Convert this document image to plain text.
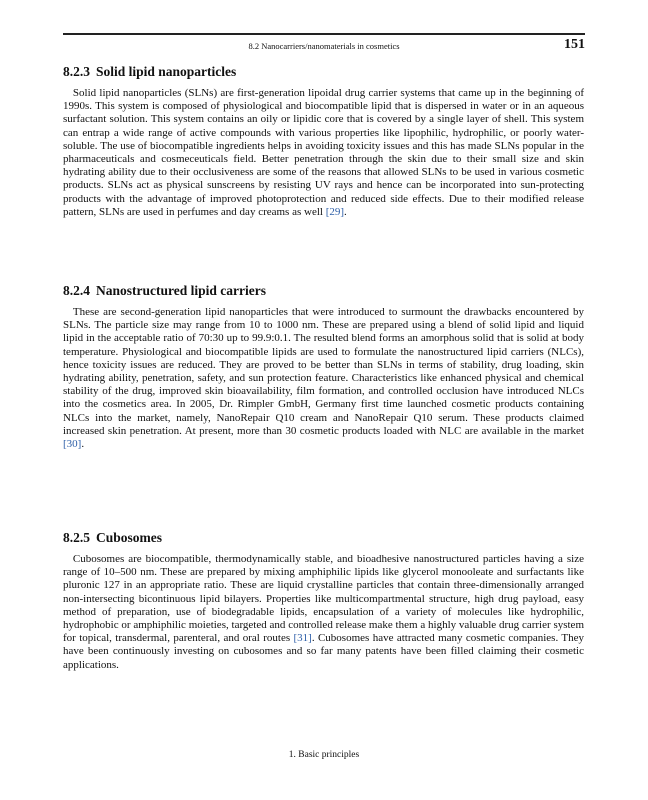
8.2 Nanocarriers/nanomaterials in cosmetics	151
8.2.3 Solid lipid nanoparticles

Solid lipid nanoparticles (SLNs) are first-generation lipoidal drug carrier systems that came up in the beginning of 1990s. This system is composed of physiological and biocompatible lipid that is dispersed in water or in an aqueous surfactant solution. This system contains an oily or lipidic core that is covered by a single layer of shell. This system can entrap a wide range of active compounds with various properties like lipophilic, hydrophilic, or poorly water-soluble. The use of biocompatible ingredients helps in avoiding toxicity issues and this has made SLNs popular in the pharmaceuticals and cosmeceuticals field. Better penetration through the skin due to their small size and skin hydrating ability due to their occlusiveness are some of the reasons that allowed SLNs to be used in various cosmetic products. SLNs act as physical sunscreens by resisting UV rays and hence can be incorporated into sun-protecting products with the advantage of improved photoprotection and reduced side effects. Due to their modified release pattern, SLNs are used in perfumes and day creams as well [29].

8.2.4 Nanostructured lipid carriers

These are second-generation lipid nanoparticles that were introduced to surmount the drawbacks encountered by SLNs. The particle size may range from 10 to 1000 nm. These are prepared using a blend of solid lipid and liquid lipid in the acceptable ratio of 70:30 up to 99.9:0.1. The resulted blend forms an amorphous solid that is solid at body temperature. Physiological and biocompatible lipids are used to formulate the nanostructured lipid carriers (NLCs), hence toxicity issues are reduced. They are proved to be better than SLNs in terms of stability, drug loading, skin hydrating ability, penetration, safety, and sun protection feature. Characteristics like enhanced physical and chemical stability of the drug, improved skin bioavailability, film formation, and controlled occlusion have introduced NLCs into the cosmetics area. In 2005, Dr. Rimpler GmbH, Germany first time launched cosmetic products containing NLCs into the market, namely, NanoRepair Q10 cream and NanoRepair Q10 serum. These products claimed increased skin penetration. At present, more than 30 cosmetic products loaded with NLC are available in the market [30].

8.2.5 Cubosomes

Cubosomes are biocompatible, thermodynamically stable, and bioadhesive nanostructured particles having a size range of 10–500 nm. These are prepared by mixing amphiphilic lipids like glycerol monooleate and surfactants like pluronic 127 in an appropriate ratio. These are liquid crystalline particles that contain three-dimensionally arranged non-intersecting bicontinuous lipid bilayers. Properties like multicompartmental structure, high drug payload, easy method of preparation, use of biodegradable lipids, encapsulation of a variety of molecules like hydrophilic, hydrophobic or amphiphilic moieties, targeted and controlled release make them a highly valuable drug carrier system for topical, transdermal, parenteral, and oral routes [31]. Cubosomes have attracted many cosmetic companies. They have been continuously investing on cubosomes and so far many patents have been filled claiming their cosmetic applications.

1. Basic principles
